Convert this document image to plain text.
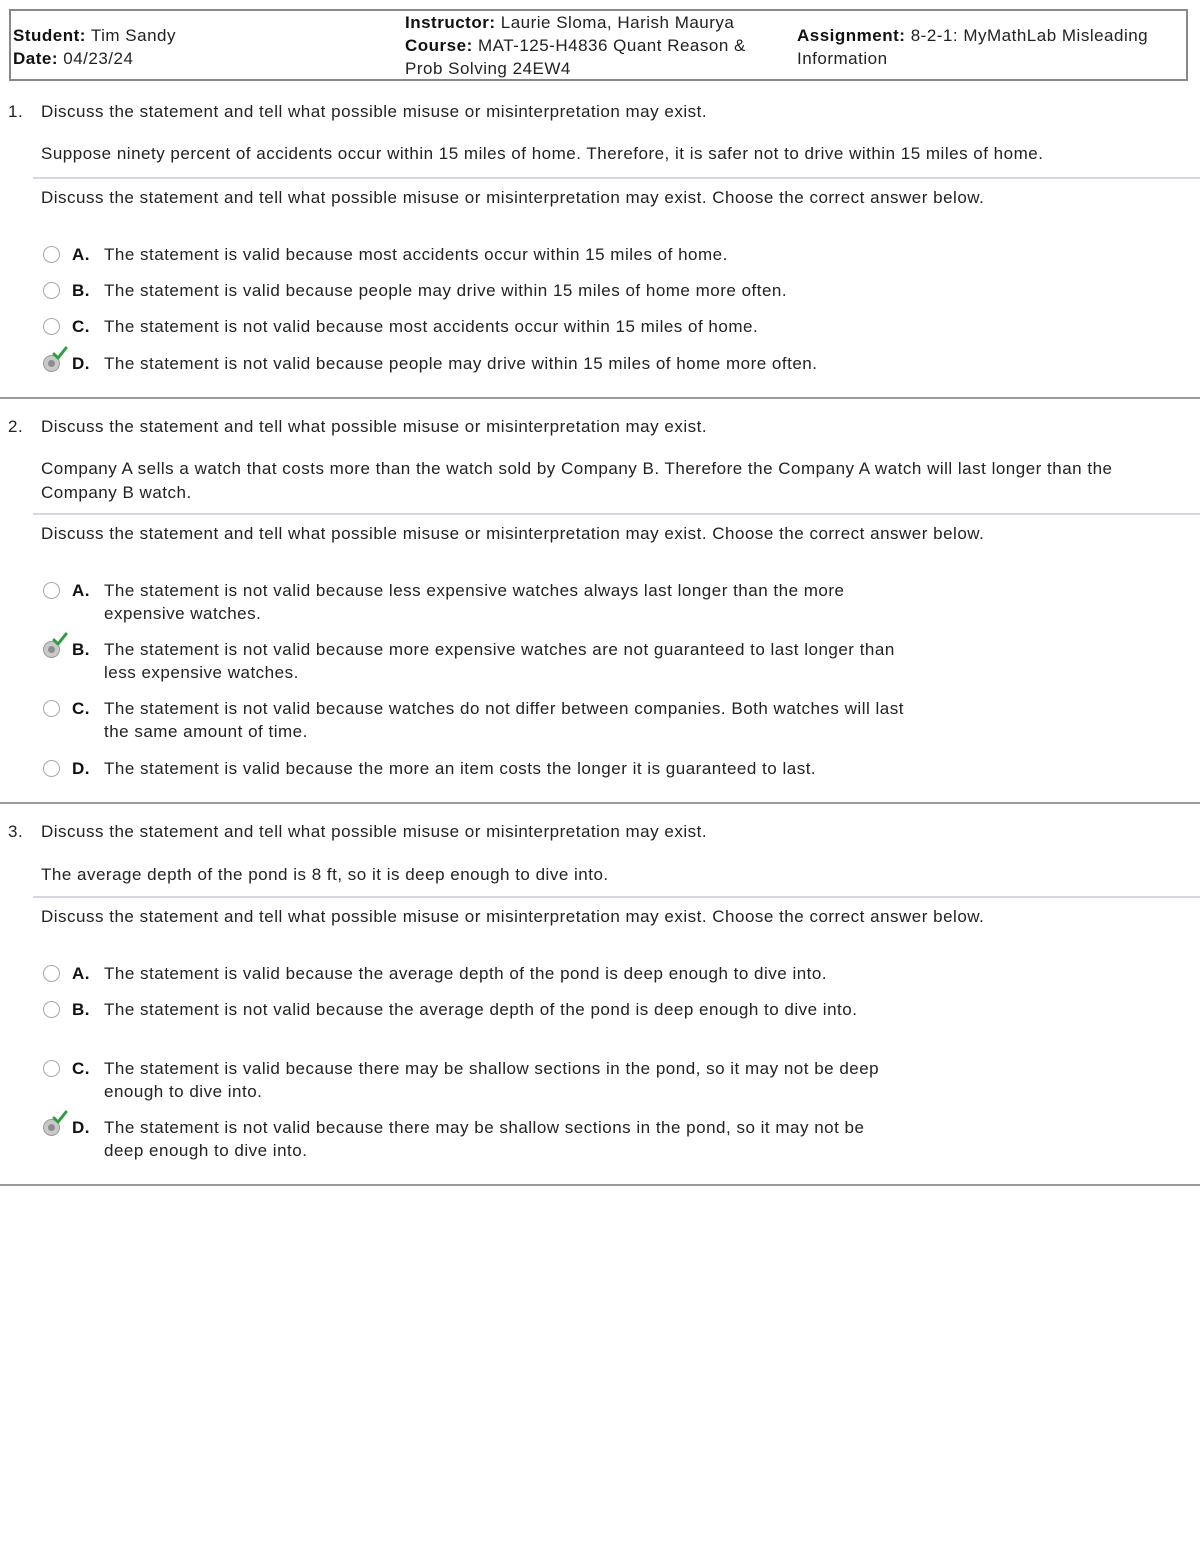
Student: Tim Sandy
Date: 04/23/24
Instructor: Laurie Sloma, Harish Maurya
Course: MAT-125-H4836 Quant Reason &
Prob Solving 24EW4
Assignment: 8-2-1: MyMathLab Misleading
Information
1. Discuss the statement and tell what possible misuse or misinterpretation may exist.
Suppose ninety percent of accidents occur within 15 miles of home. Therefore, it is safer not to drive within 15 miles of home.
Discuss the statement and tell what possible misuse or misinterpretation may exist. Choose the correct answer below.
A. The statement is valid because most accidents occur within 15 miles of home.
B. The statement is valid because people may drive within 15 miles of home more often.
C. The statement is not valid because most accidents occur within 15 miles of home.
D. The statement is not valid because people may drive within 15 miles of home more often.
2. Discuss the statement and tell what possible misuse or misinterpretation may exist.
Company A sells a watch that costs more than the watch sold by Company B. Therefore the Company A watch will last longer than the Company B watch.
Discuss the statement and tell what possible misuse or misinterpretation may exist. Choose the correct answer below.
A. The statement is not valid because less expensive watches always last longer than the more expensive watches.
B. The statement is not valid because more expensive watches are not guaranteed to last longer than less expensive watches.
C. The statement is not valid because watches do not differ between companies. Both watches will last the same amount of time.
D. The statement is valid because the more an item costs the longer it is guaranteed to last.
3. Discuss the statement and tell what possible misuse or misinterpretation may exist.
The average depth of the pond is 8 ft, so it is deep enough to dive into.
Discuss the statement and tell what possible misuse or misinterpretation may exist. Choose the correct answer below.
A. The statement is valid because the average depth of the pond is deep enough to dive into.
B. The statement is not valid because the average depth of the pond is deep enough to dive into.
C. The statement is valid because there may be shallow sections in the pond, so it may not be deep enough to dive into.
D. The statement is not valid because there may be shallow sections in the pond, so it may not be deep enough to dive into.
